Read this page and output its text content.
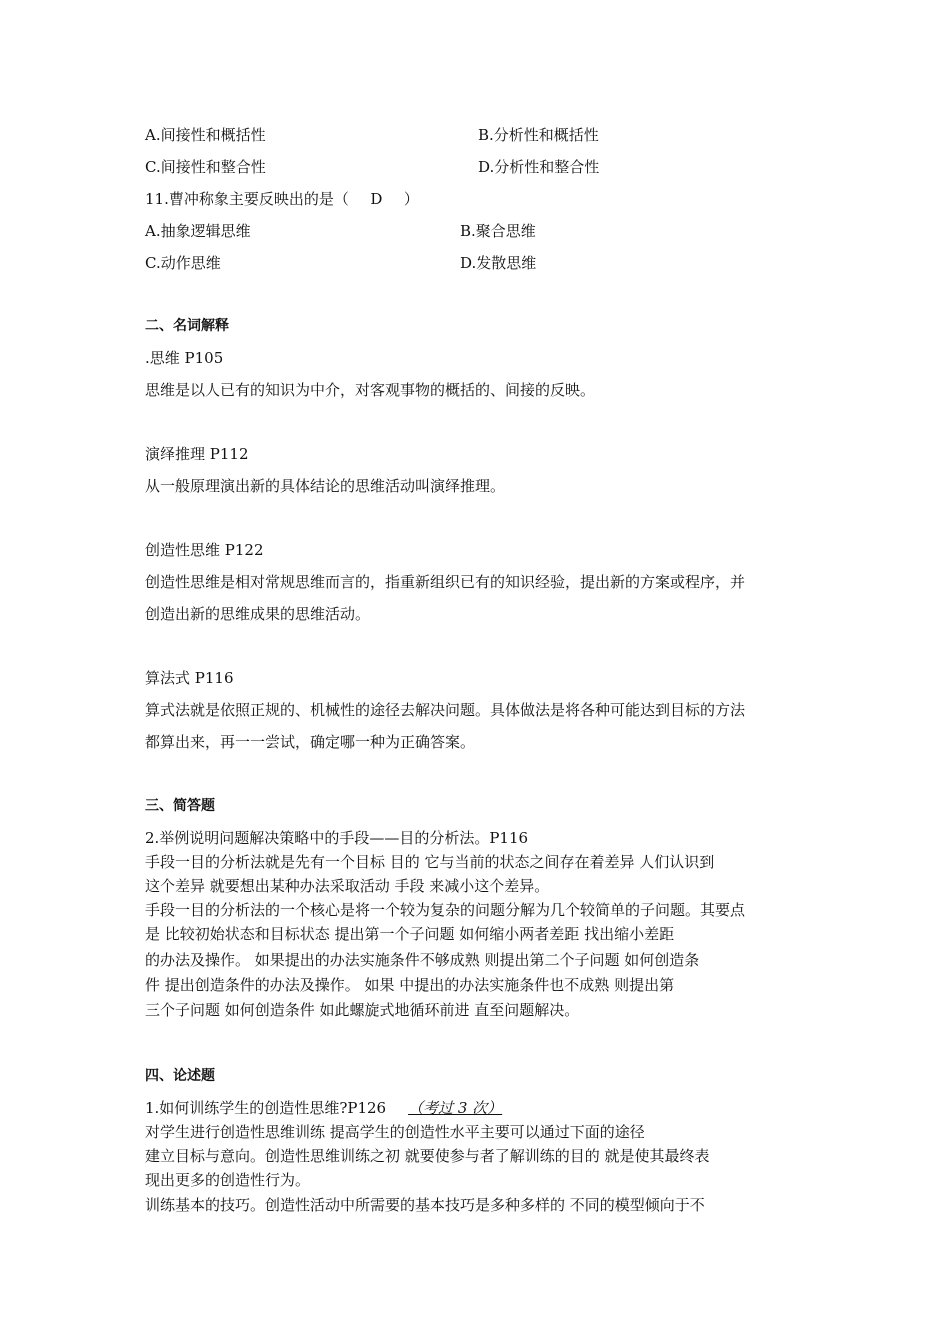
A.间接性和概括性	B.分析性和概括性
C.间接性和整合性	D.分析性和整合性
11.曹冲称象主要反映出的是（ D ）
A.抽象逻辑思维	B.聚合思维
C.动作思维	D.发散思维
二、名词解释
.思维 P105
思维是以人已有的知识为中介，对客观事物的概括的、间接的反映。
演绎推理 P112
从一般原理演出新的具体结论的思维活动叫演绎推理。
创造性思维 P122
创造性思维是相对常规思维而言的，指重新组织已有的知识经验，提出新的方案或程序，并
创造出新的思维成果的思维活动。
算法式 P116
算式法就是依照正规的、机械性的途径去解决问题。具体做法是将各种可能达到目标的方法
都算出来，再一一尝试，确定哪一种为正确答案。
三、简答题
2.举例说明问题解决策略中的手段——目的分析法。P116
手段一目的分析法就是先有一个目标 目的 它与当前的状态之间存在着差异 人们认识到
这个差异 就要想出某种办法采取活动 手段 来减小这个差异。
手段一目的分析法的一个核心是将一个较为复杂的问题分解为几个较简单的子问题。其要点
是 比较初始状态和目标状态 提出第一个子问题 如何缩小两者差距 找出缩小差距
的办法及操作。 如果提出的办法实施条件不够成熟 则提出第二个子问题 如何创造条
件 提出创造条件的办法及操作。 如果 中提出的办法实施条件也不成熟 则提出第
三个子问题 如何创造条件 如此螺旋式地循环前进 直至问题解决。
四、论述题
1.如何训练学生的创造性思维?P126 （考过 3 次）
对学生进行创造性思维训练 提高学生的创造性水平主要可以通过下面的途径
建立目标与意向。创造性思维训练之初 就要使参与者了解训练的目的 就是使其最终表
现出更多的创造性行为。
训练基本的技巧。创造性活动中所需要的基本技巧是多种多样的 不同的模型倾向于不
